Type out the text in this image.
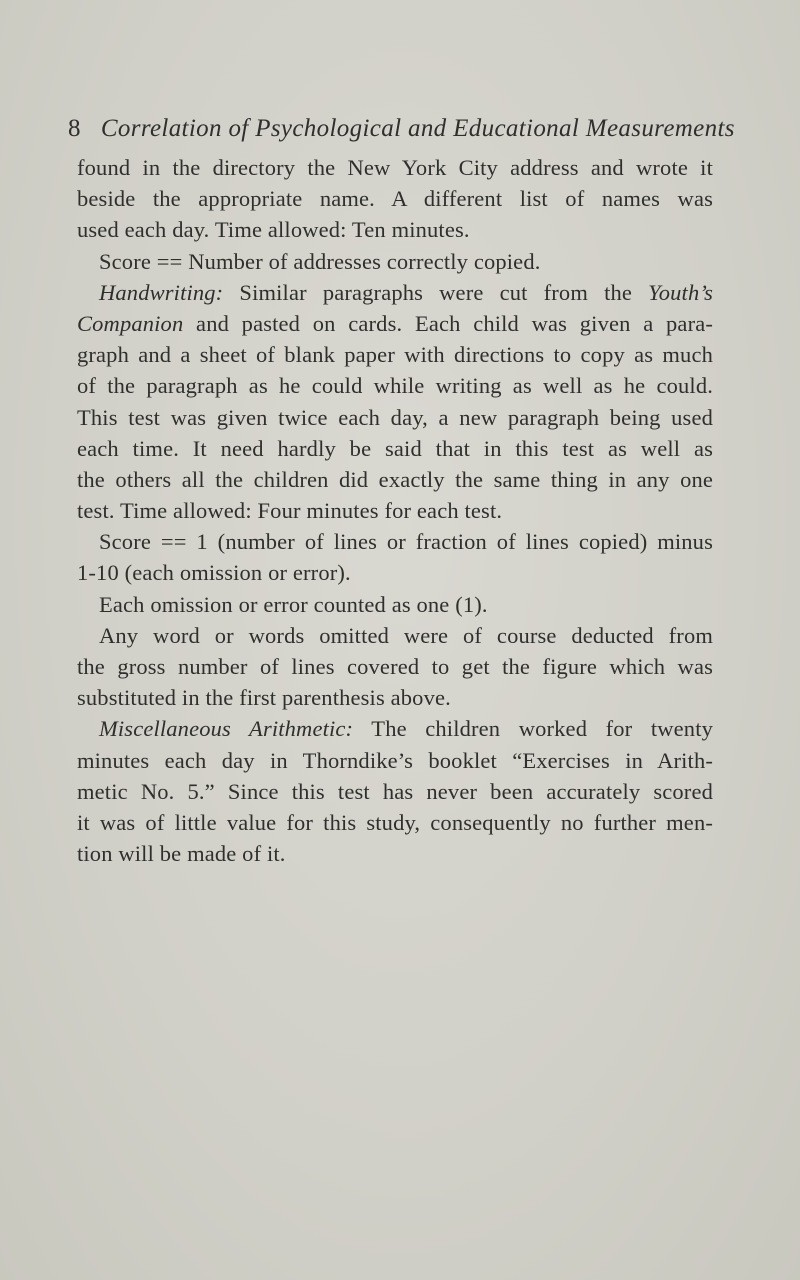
8 Correlation of Psychological and Educational Measurements
found in the directory the New York City address and wrote it
beside the appropriate name. A different list of names was
used each day. Time allowed: Ten minutes.
Score == Number of addresses correctly copied.
Handwriting: Similar paragraphs were cut from the Youth’s
Companion and pasted on cards. Each child was given a para-
graph and a sheet of blank paper with directions to copy as much
of the paragraph as he could while writing as well as he could.
This test was given twice each day, a new paragraph being used
each time. It need hardly be said that in this test as well as
the others all the children did exactly the same thing in any one
test. Time allowed: Four minutes for each test.
Score == 1 (number of lines or fraction of lines copied) minus
1-10 (each omission or error).
Each omission or error counted as one (1).
Any word or words omitted were of course deducted from
the gross number of lines covered to get the figure which was
substituted in the first parenthesis above.
Miscellaneous Arithmetic: The children worked for twenty
minutes each day in Thorndike’s booklet “Exercises in Arith-
metic No. 5.” Since this test has never been accurately scored
it was of little value for this study, consequently no further men-
tion will be made of it.
